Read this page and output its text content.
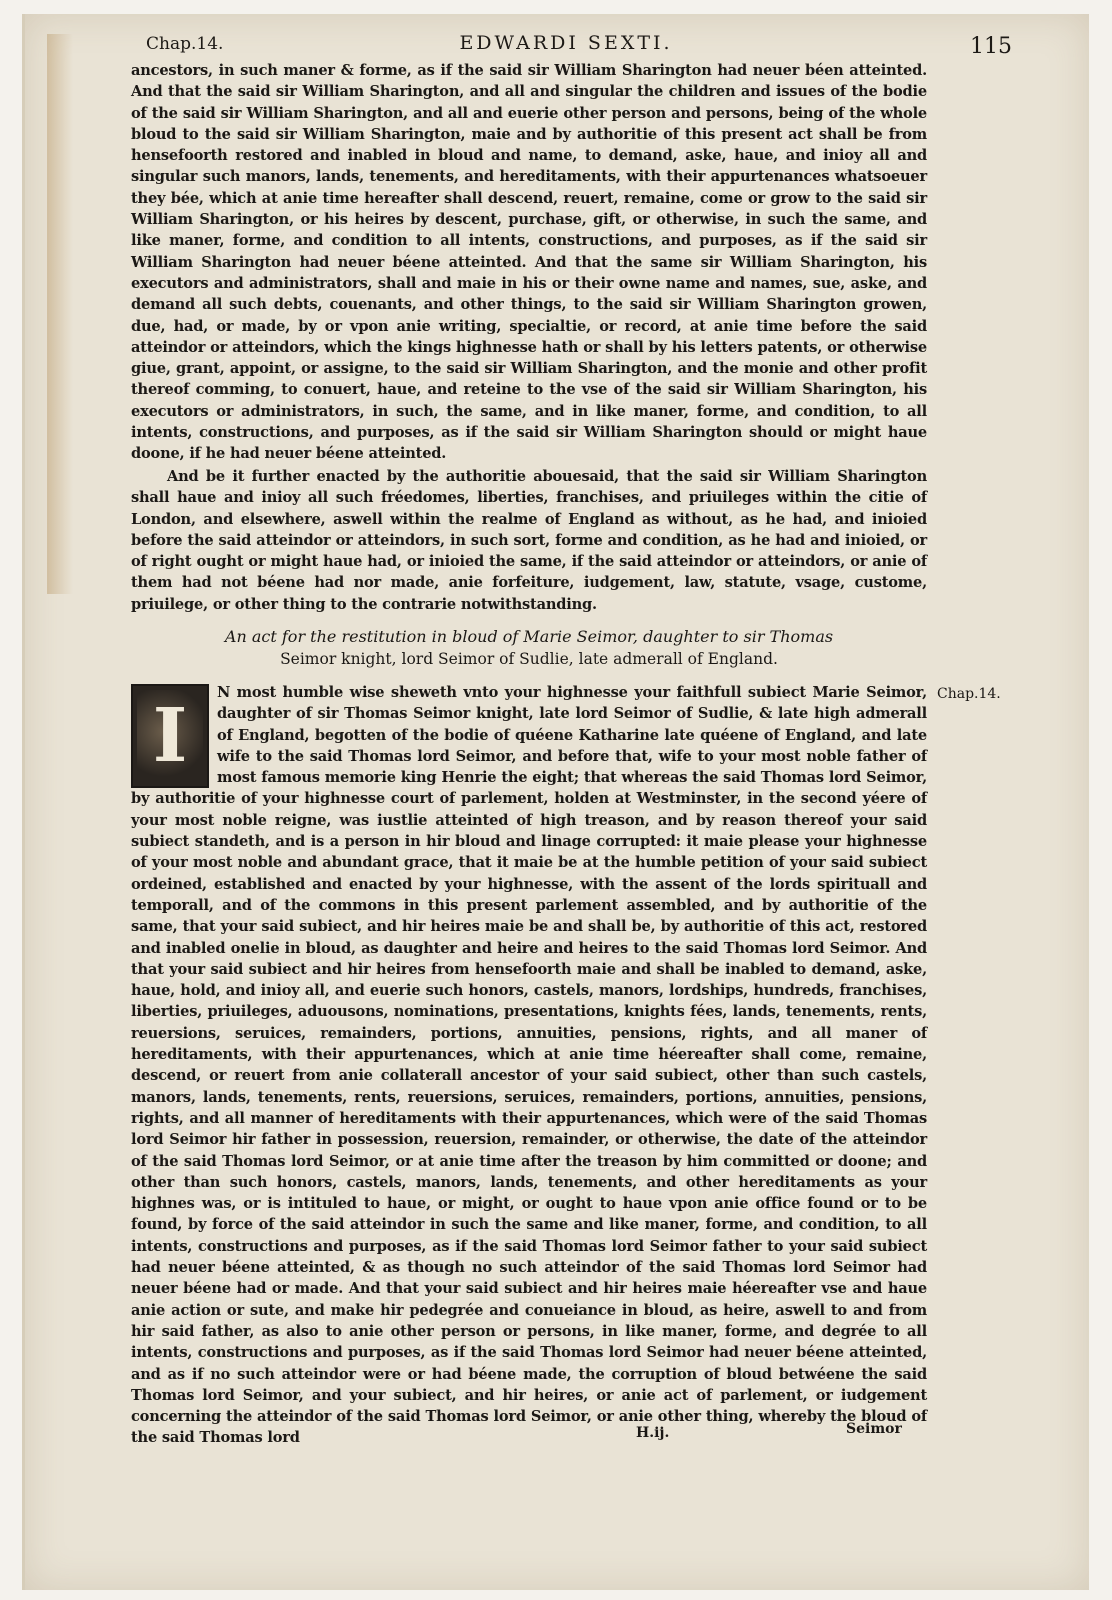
Chap.14.	EDWARDI SEXTI.	115
ancestors, in such maner & forme, as if the said sir William Sharington had neuer béen atteinted. And that the said sir William Sharington, and all and singular the children and issues of the bodie of the said sir William Sharington, and all and euerie other person and persons, being of the whole bloud to the said sir William Sharington, maie and by authoritie of this present act shall be from hensefoorth restored and inabled in bloud and name, to demand, aske, haue, and inioy all and singular such manors, lands, tenements, and hereditaments, with their appurtenances whatsoeuer they bée, which at anie time hereafter shall descend, reuert, remaine, come or grow to the said sir William Sharington, or his heires by descent, purchase, gift, or otherwise, in such the same, and like maner, forme, and condition to all intents, constructions, and purposes, as if the said sir William Sharington had neuer béene atteinted. And that the same sir William Sharington, his executors and administrators, shall and maie in his or their owne name and names, sue, aske, and demand all such debts, couenants, and other things, to the said sir William Sharington growen, due, had, or made, by or vpon anie writing, specialtie, or record, at anie time before the said atteindor or atteindors, which the kings highnesse hath or shall by his letters patents, or otherwise giue, grant, appoint, or assigne, to the said sir William Sharington, and the monie and other profit thereof comming, to conuert, haue, and reteine to the vse of the said sir William Sharington, his executors or administrators, in such, the same, and in like maner, forme, and condition, to all intents, constructions, and purposes, as if the said sir William Sharington should or might haue doone, if he had neuer béene atteinted.
And be it further enacted by the authoritie abouesaid, that the said sir William Sharington shall haue and inioy all such fréedomes, liberties, franchises, and priuileges within the citie of London, and elsewhere, aswell within the realme of England as without, as he had, and inioied before the said atteindor or atteindors, in such sort, forme and condition, as he had and inioied, or of right ought or might haue had, or inioied the same, if the said atteindor or atteindors, or anie of them had not béene had nor made, anie forfeiture, iudgement, law, statute, vsage, custome, priuilege, or other thing to the contrarie notwithstanding.
An act for the restitution in bloud of Marie Seimor, daughter to sir Thomas
Seimor knight, lord Seimor of Sudlie, late admerall of England.
Chap.14.
I
N most humble wise sheweth vnto your highnesse your faithfull subiect Marie Seimor, daughter of sir Thomas Seimor knight, late lord Seimor of Sudlie, & late high admerall of England, begotten of the bodie of quéene Katharine late quéene of England, and late wife to the said Thomas lord Seimor, and before that, wife to your most noble father of most famous memorie king Henrie the eight; that whereas the said Thomas lord Seimor, by authoritie of your highnesse court of parlement, holden at Westminster, in the second yéere of your most noble reigne, was iustlie atteinted of high treason, and by reason thereof your said subiect standeth, and is a person in hir bloud and linage corrupted: it maie please your highnesse of your most noble and abundant grace, that it maie be at the humble petition of your said subiect ordeined, established and enacted by your highnesse, with the assent of the lords spirituall and temporall, and of the commons in this present parlement assembled, and by authoritie of the same, that your said subiect, and hir heires maie be and shall be, by authoritie of this act, restored and inabled onelie in bloud, as daughter and heire and heires to the said Thomas lord Seimor. And that your said subiect and hir heires from hensefoorth maie and shall be inabled to demand, aske, haue, hold, and inioy all, and euerie such honors, castels, manors, lordships, hundreds, franchises, liberties, priuileges, aduousons, nominations, presentations, knights fées, lands, tenements, rents, reuersions, seruices, remainders, portions, annuities, pensions, rights, and all maner of hereditaments, with their appurtenances, which at anie time héereafter shall come, remaine, descend, or reuert from anie collaterall ancestor of your said subiect, other than such castels, manors, lands, tenements, rents, reuersions, seruices, remainders, portions, annuities, pensions, rights, and all manner of hereditaments with their appurtenances, which were of the said Thomas lord Seimor hir father in possession, reuersion, remainder, or otherwise, the date of the atteindor of the said Thomas lord Seimor, or at anie time after the treason by him committed or doone; and other than such honors, castels, manors, lands, tenements, and other hereditaments as your highnes was, or is intituled to haue, or might, or ought to haue vpon anie office found or to be found, by force of the said atteindor in such the same and like maner, forme, and condition, to all intents, constructions and purposes, as if the said Thomas lord Seimor father to your said subiect had neuer béene atteinted, & as though no such atteindor of the said Thomas lord Seimor had neuer béene had or made. And that your said subiect and hir heires maie héereafter vse and haue anie action or sute, and make hir pedegrée and conueiance in bloud, as heire, aswell to and from hir said father, as also to anie other person or persons, in like maner, forme, and degrée to all intents, constructions and purposes, as if the said Thomas lord Seimor had neuer béene atteinted, and as if no such atteindor were or had béene made, the corruption of bloud betwéene the said Thomas lord Seimor, and your subiect, and hir heires, or anie act of parlement, or iudgement concerning the atteindor of the said Thomas lord Seimor, or anie other thing, whereby the bloud of the said Thomas lord	H.ij.	Seimor
